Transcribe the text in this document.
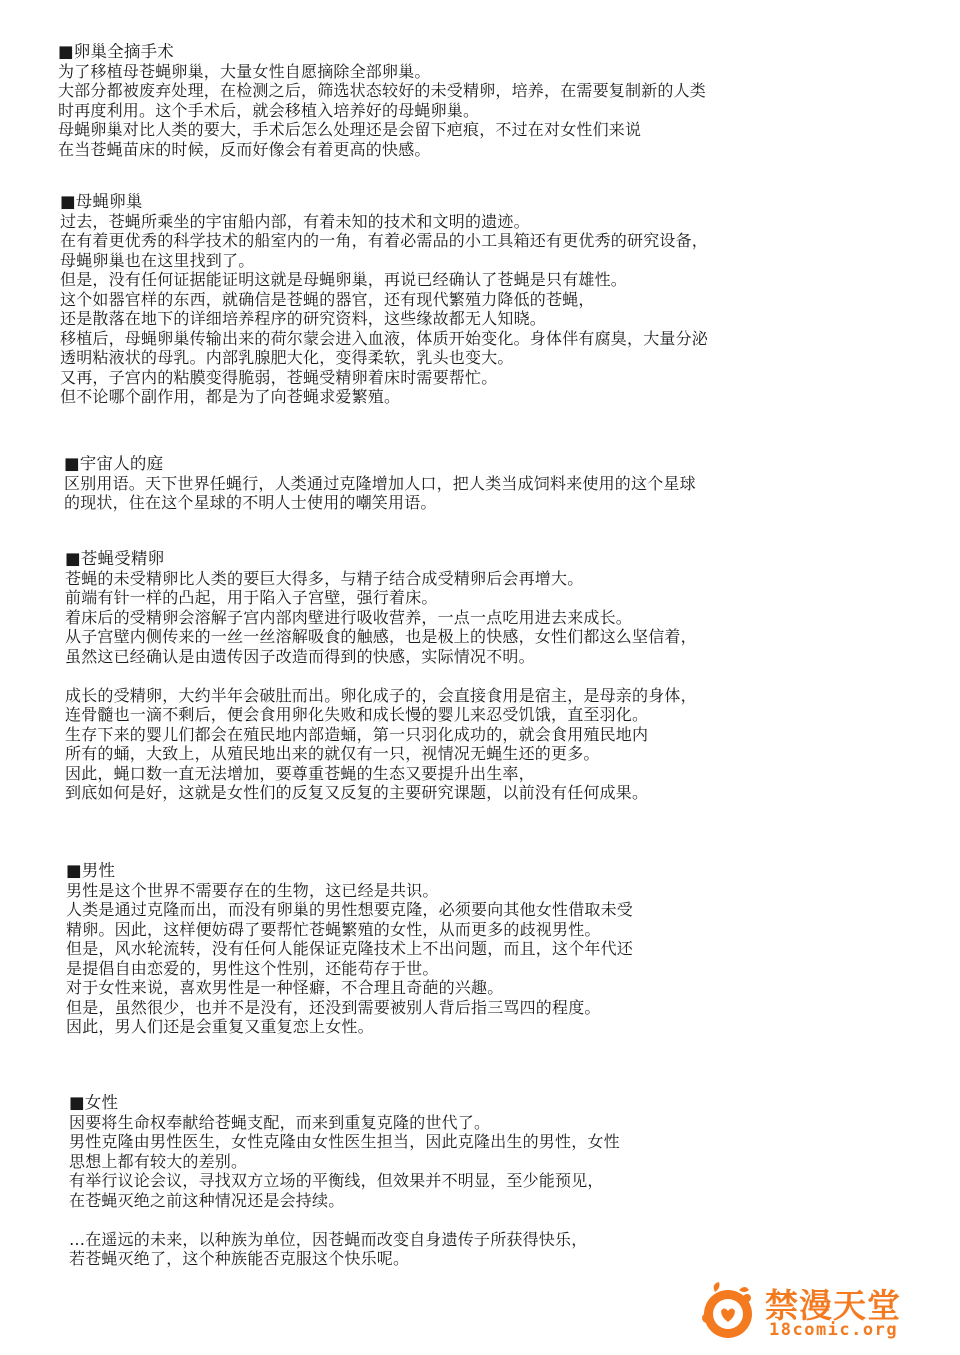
■卵巢全摘手术
为了移植母苍蝇卵巢，大量女性自愿摘除全部卵巢。
大部分都被废弃处理，在检测之后，筛选状态较好的未受精卵，培养，在需要复制新的人类
时再度利用。这个手术后，就会移植入培养好的母蝇卵巢。
母蝇卵巢对比人类的要大，手术后怎么处理还是会留下疤痕，不过在对女性们来说
在当苍蝇苗床的时候，反而好像会有着更高的快感。
■母蝇卵巢
过去，苍蝇所乘坐的宇宙船内部，有着未知的技术和文明的遗迹。
在有着更优秀的科学技术的船室内的一角，有着必需品的小工具箱还有更优秀的研究设备，
母蝇卵巢也在这里找到了。
但是，没有任何证据能证明这就是母蝇卵巢，再说已经确认了苍蝇是只有雄性。
这个如器官样的东西，就确信是苍蝇的器官，还有现代繁殖力降低的苍蝇，
还是散落在地下的详细培养程序的研究资料，这些缘故都无人知晓。
移植后，母蝇卵巢传输出来的荷尔蒙会进入血液，体质开始变化。身体伴有腐臭，大量分泌
透明粘液状的母乳。内部乳腺肥大化，变得柔软，乳头也变大。
又再，子宫内的粘膜变得脆弱，苍蝇受精卵着床时需要帮忙。
但不论哪个副作用，都是为了向苍蝇求爱繁殖。
■宇宙人的庭
区别用语。天下世界任蝇行，人类通过克隆增加人口，把人类当成饲料来使用的这个星球
的现状，住在这个星球的不明人士使用的嘲笑用语。
■苍蝇受精卵
苍蝇的未受精卵比人类的要巨大得多，与精子结合成受精卵后会再增大。
前端有针一样的凸起，用于陷入子宫壁，强行着床。
着床后的受精卵会溶解子宫内部肉壁进行吸收营养，一点一点吃用进去来成长。
从子宫壁内侧传来的一丝一丝溶解吸食的触感，也是极上的快感，女性们都这么坚信着，
虽然这已经确认是由遗传因子改造而得到的快感，实际情况不明。
成长的受精卵，大约半年会破肚而出。卵化成子的，会直接食用是宿主，是母亲的身体，
连骨髓也一滴不剩后，便会食用卵化失败和成长慢的婴儿来忍受饥饿，直至羽化。
生存下来的婴儿们都会在殖民地内部造蛹，第一只羽化成功的，就会食用殖民地内
所有的蛹，大致上，从殖民地出来的就仅有一只，视情况无蝇生还的更多。
因此，蝇口数一直无法增加，要尊重苍蝇的生态又要提升出生率，
到底如何是好，这就是女性们的反复又反复的主要研究课题，以前没有任何成果。
■男性
男性是这个世界不需要存在的生物，这已经是共识。
人类是通过克隆而出，而没有卵巢的男性想要克隆，必须要向其他女性借取未受
精卵。因此，这样便妨碍了要帮忙苍蝇繁殖的女性，从而更多的歧视男性。
但是，风水轮流转，没有任何人能保证克隆技术上不出问题，而且，这个年代还
是提倡自由恋爱的，男性这个性别，还能苟存于世。
对于女性来说，喜欢男性是一种怪癖，不合理且奇葩的兴趣。
但是，虽然很少，也并不是没有，还没到需要被别人背后指三骂四的程度。
因此，男人们还是会重复又重复恋上女性。
■女性
因要将生命权奉献给苍蝇支配，而来到重复克隆的世代了。
男性克隆由男性医生，女性克隆由女性医生担当，因此克隆出生的男性，女性
思想上都有较大的差别。
有举行议论会议，寻找双方立场的平衡线，但效果并不明显，至少能预见，
在苍蝇灭绝之前这种情况还是会持续。
…在遥远的未来，以种族为单位，因苍蝇而改变自身遗传子所获得快乐，
若苍蝇灭绝了，这个种族能否克服这个快乐呢。
禁漫天堂
18comic.org
